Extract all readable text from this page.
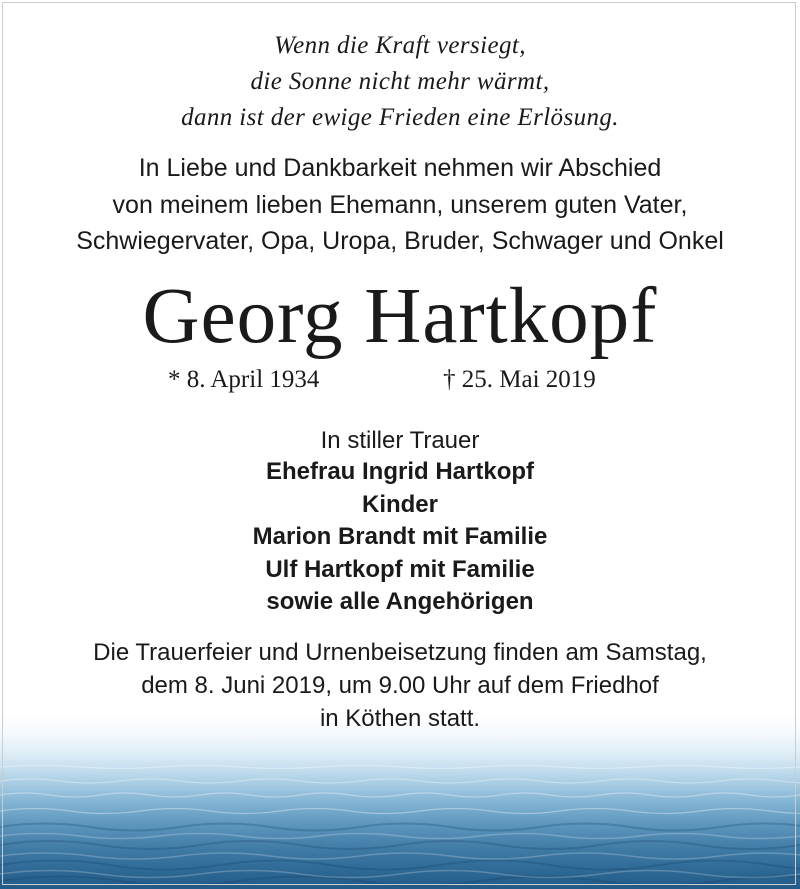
Wenn die Kraft versiegt,
die Sonne nicht mehr wärmt,
dann ist der ewige Frieden eine Erlösung.
In Liebe und Dankbarkeit nehmen wir Abschied
von meinem lieben Ehemann, unserem guten Vater,
Schwiegervater, Opa, Uropa, Bruder, Schwager und Onkel
Georg Hartkopf
* 8. April 1934	† 25. Mai 2019
In stiller Trauer
Ehefrau Ingrid Hartkopf
Kinder
Marion Brandt mit Familie
Ulf Hartkopf mit Familie
sowie alle Angehörigen
Die Trauerfeier und Urnenbeisetzung finden am Samstag,
dem 8. Juni 2019, um 9.00 Uhr auf dem Friedhof
in Köthen statt.
